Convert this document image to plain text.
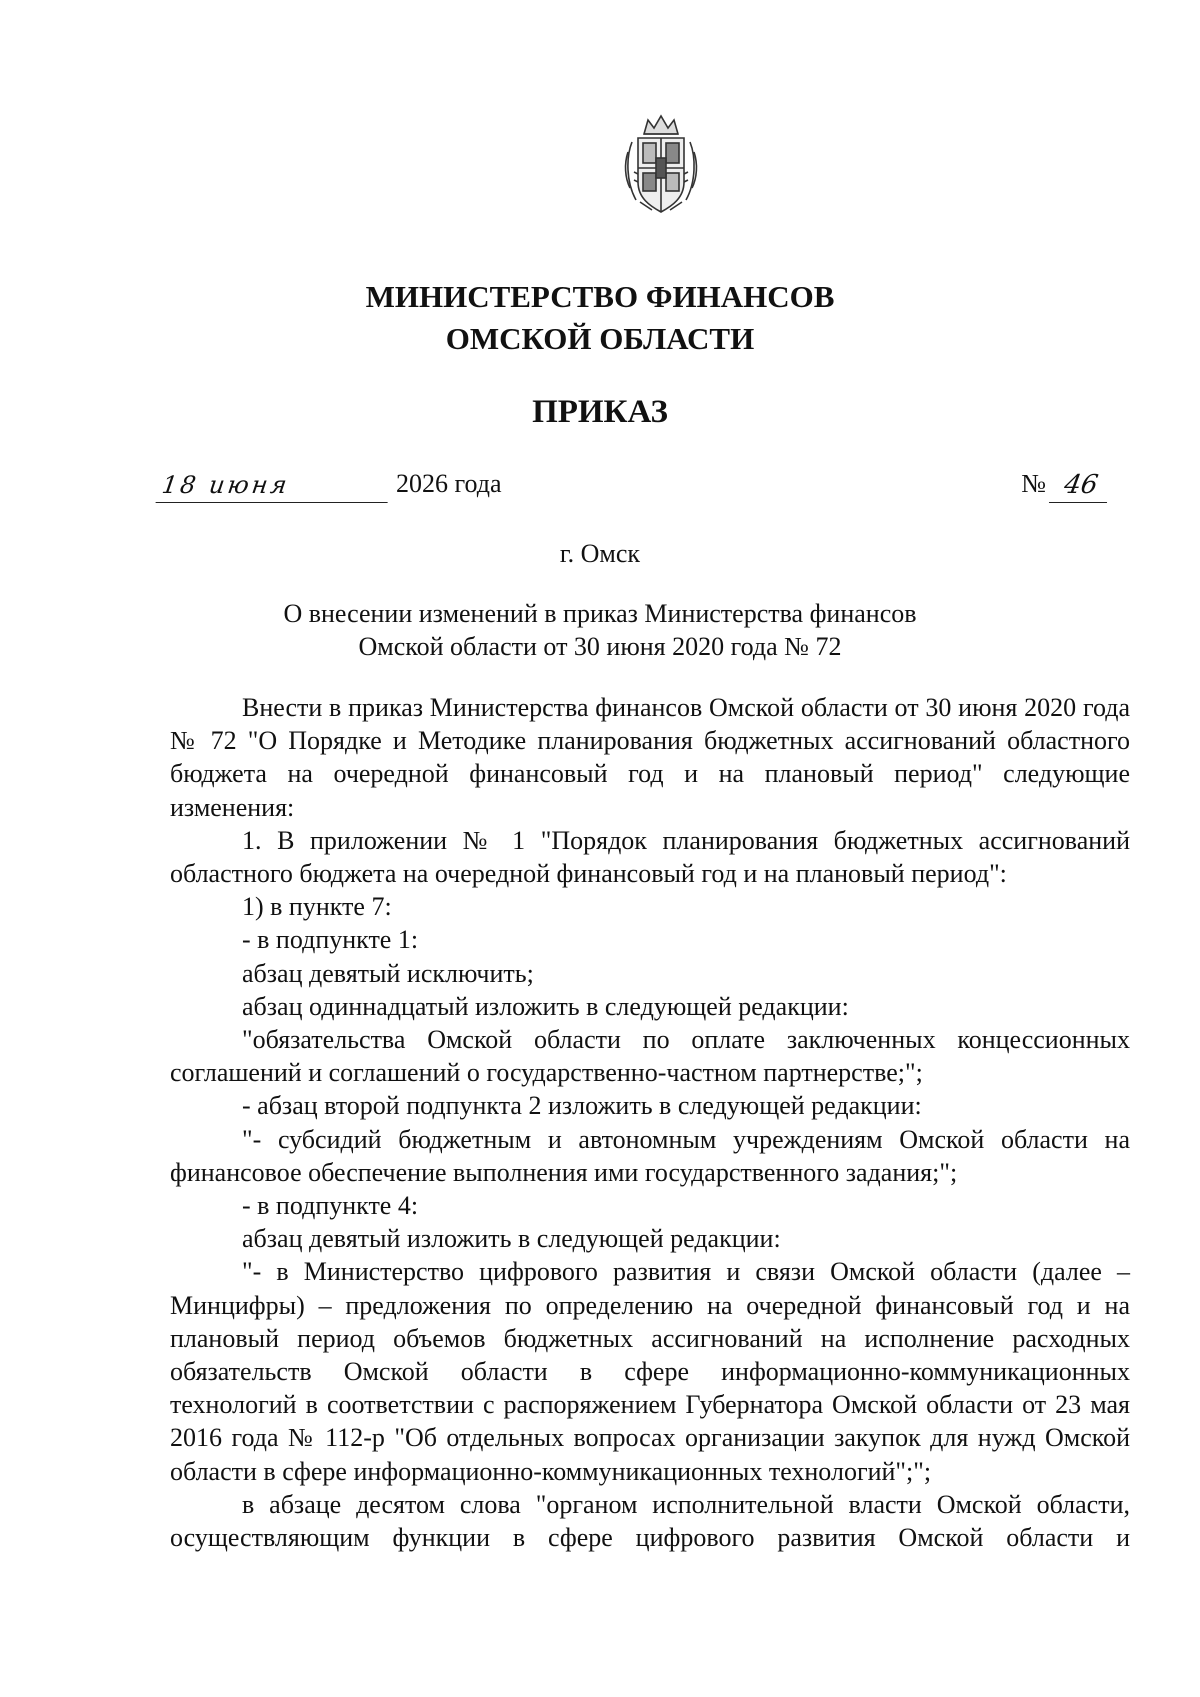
МИНИСТЕРСТВО ФИНАНСОВ
ОМСКОЙ ОБЛАСТИ
ПРИКАЗ
18 июня	2026 года	№ 46
г. Омск
О внесении изменений в приказ Министерства финансов
Омской области от 30 июня 2020 года № 72

Внести в приказ Министерства финансов Омской области от 30 июня 2020 года № 72 "О Порядке и Методике планирования бюджетных ассигнований областного бюджета на очередной финансовый год и на плановый период" следующие изменения:

1. В приложении № 1 "Порядок планирования бюджетных ассигнований областного бюджета на очередной финансовый год и на плановый период":

1) в пункте 7:

- в подпункте 1:

абзац девятый исключить;

абзац одиннадцатый изложить в следующей редакции:

"обязательства Омской области по оплате заключенных концессионных соглашений и соглашений о государственно-частном партнерстве;";

- абзац второй подпункта 2 изложить в следующей редакции:

"- субсидий бюджетным и автономным учреждениям Омской области на финансовое обеспечение выполнения ими государственного задания;";

- в подпункте 4:

абзац девятый изложить в следующей редакции:

"- в Министерство цифрового развития и связи Омской области (далее – Минцифры) – предложения по определению на очередной финансовый год и на плановый период объемов бюджетных ассигнований на исполнение расходных обязательств Омской области в сфере информационно-коммуникационных технологий в соответствии с распоряжением Губернатора Омской области от 23 мая 2016 года № 112-р "Об отдельных вопросах организации закупок для нужд Омской области в сфере информационно-коммуникационных технологий";";

в абзаце десятом слова "органом исполнительной власти Омской области, осуществляющим функции в сфере цифрового развития Омской области и
